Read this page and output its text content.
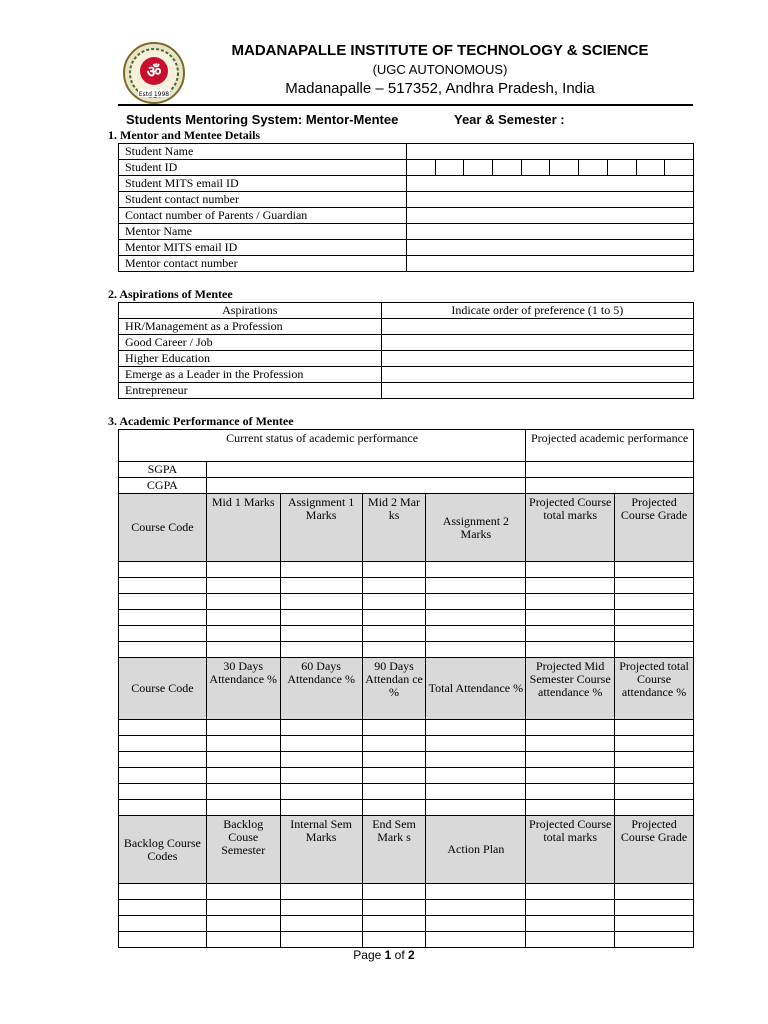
ॐ
Estd 1998
MADANAPALLE INSTITUTE OF TECHNOLOGY & SCIENCE
(UGC AUTONOMOUS)
Madanapalle – 517352, Andhra Pradesh, India
Students Mentoring System: Mentor-Mentee	Year & Semester :
1. Mentor and Mentee Details
Student Name	
Student ID	

Student MITS email ID	
Student contact number	
Contact number of Parents / Guardian	
Mentor Name	
Mentor MITS email ID	
Mentor contact number	
2. Aspirations of Mentee
Aspirations	Indicate order of preference (1 to 5)
HR/Management as a Profession	
Good Career / Job	
Higher Education	
Emerge as a Leader in the Profession	
Entrepreneur	
3. Academic Performance of Mentee
Current status of academic performance					Projected academic performance	
SGPA						
CGPA						
Course Code	Mid 1 Marks	Assignment 1 Marks	Mid 2 Mar ks	Assignment 2 Marks	Projected Course total marks	Projected Course Grade

Course Code	30 Days Attendance %	60 Days Attendance %	90 Days Attendan ce %	Total Attendance %	Projected Mid Semester Course attendance %	Projected total Course attendance %

Backlog Course Codes	Backlog Couse Semester	Internal Sem Marks	End Sem Mark s	Action Plan	Projected Course total marks	Projected Course Grade

Page 1 of 2
